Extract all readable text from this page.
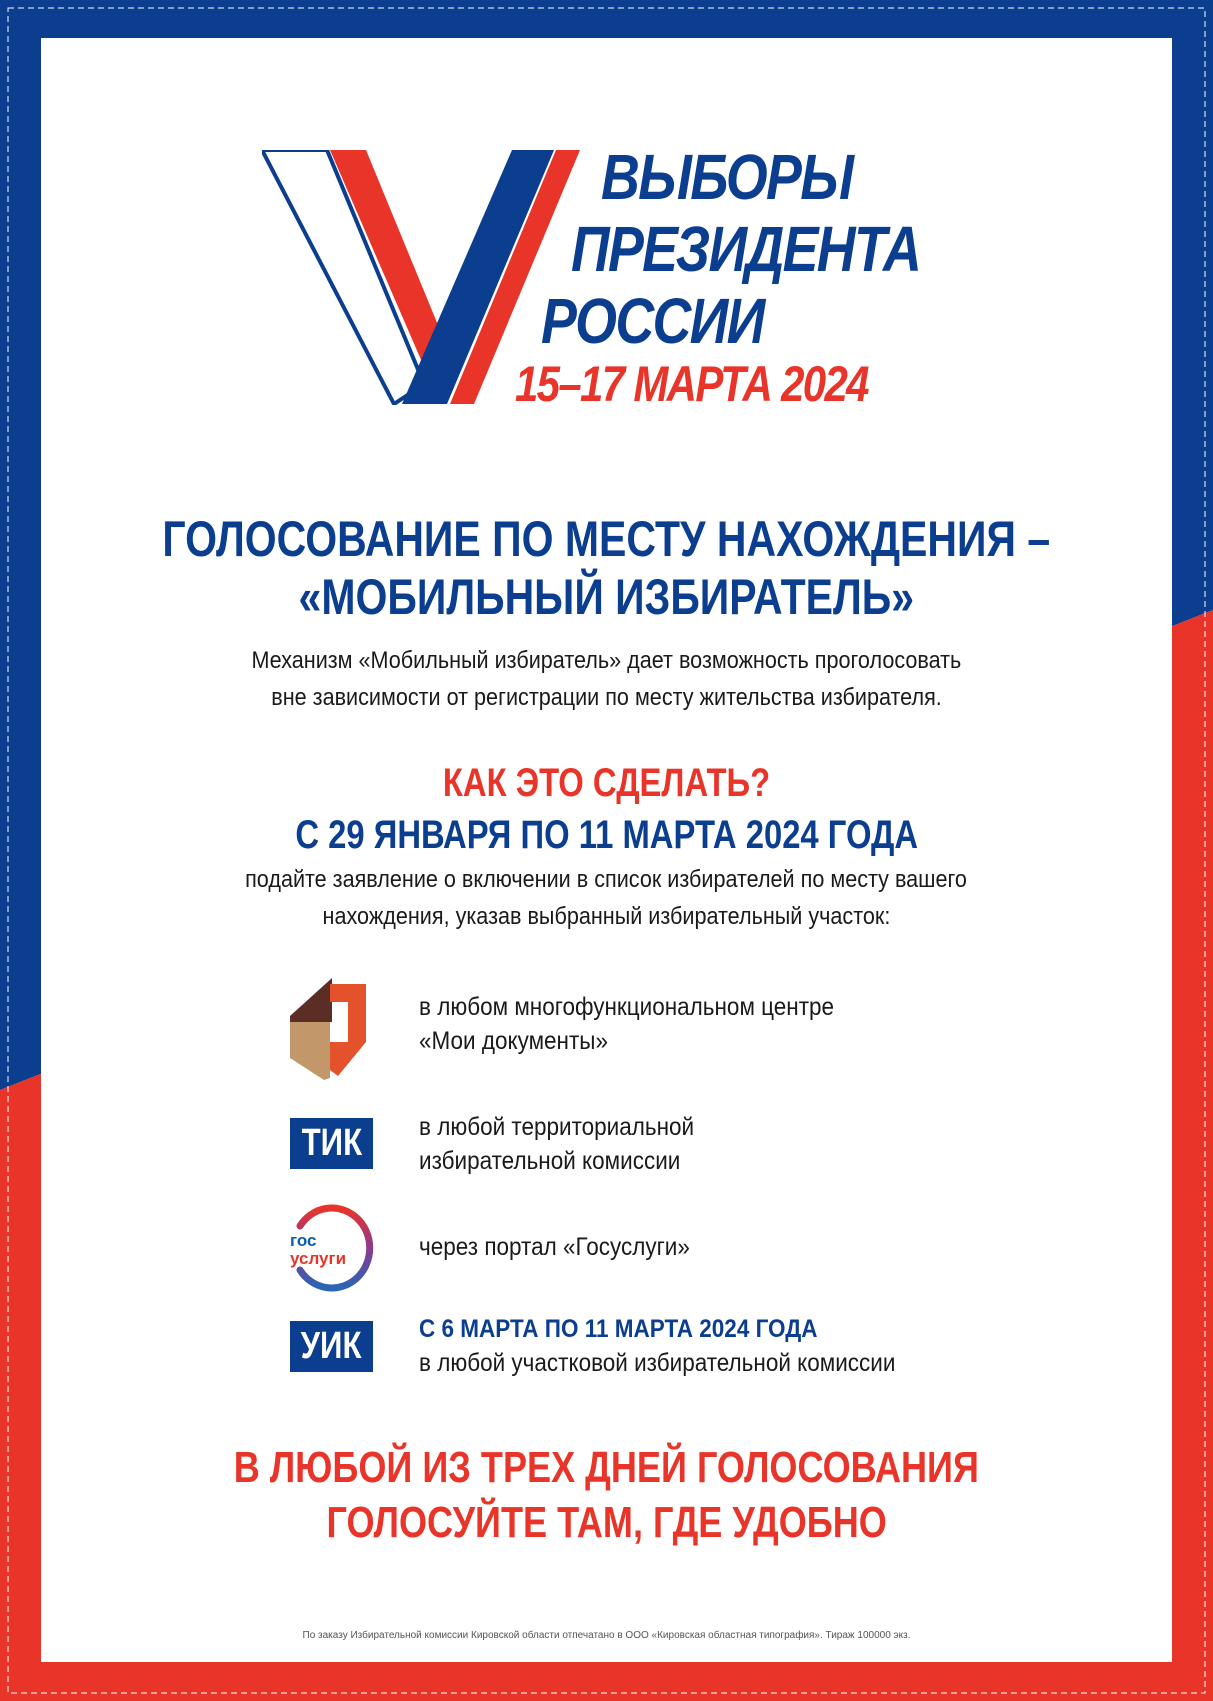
ВЫБОРЫ
ПРЕЗИДЕНТА
РОССИИ
15–17 МАРТА 2024
ГОЛОСОВАНИЕ ПО МЕСТУ НАХОЖДЕНИЯ –
«МОБИЛЬНЫЙ ИЗБИРАТЕЛЬ»
Механизм «Мобильный избиратель» дает возможность проголосовать
вне зависимости от регистрации по месту жительства избирателя.
КАК ЭТО СДЕЛАТЬ?
С 29 ЯНВАРЯ ПО 11 МАРТА 2024 ГОДА
подайте заявление о включении в список избирателей по месту вашего
нахождения, указав выбранный избирательный участок:
в любом многофункциональном центре
«Мои документы»
ТИК	в любой территориальной
избирательной комиссии
гос
услуги	через портал «Госуслуги»
УИК	С 6 МАРТА ПО 11 МАРТА 2024 ГОДА
в любой участковой избирательной комиссии
В ЛЮБОЙ ИЗ ТРЕХ ДНЕЙ ГОЛОСОВАНИЯ
ГОЛОСУЙТЕ ТАМ, ГДЕ УДОБНО
По заказу Избирательной комиссии Кировской области отпечатано в ООО «Кировская областная типография». Тираж 100000 экз.
